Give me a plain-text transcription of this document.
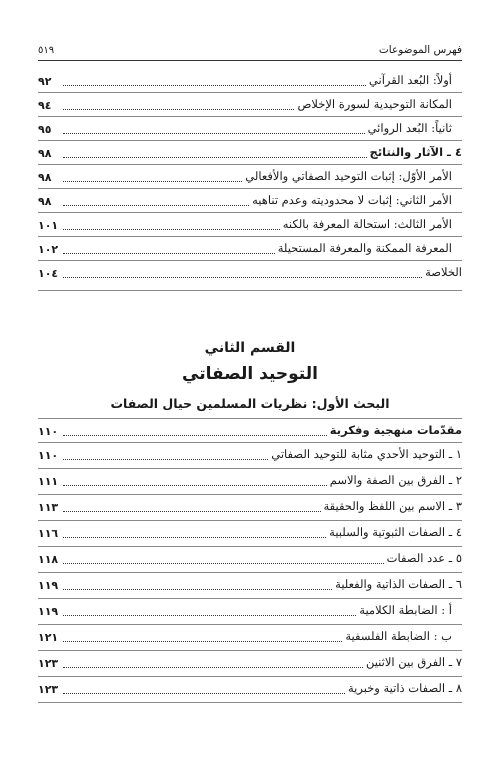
فهرس الموضوعات
٥١٩
أولاً: البُعد القرآني
٩٢
المكانة التوحيدية لسورة الإخلاص
٩٤
ثانياً: البُعد الروائي
٩٥
٤ ـ الآثار والنتائج
٩٨
الأمر الأوّل: إثبات التوحيد الصفاتي والأفعالي
٩٨
الأمر الثاني: إثبات لا محدوديته وعدم تناهيه
٩٨
الأمر الثالث: استحالة المعرفة بالكنه
١٠١
المعرفة الممكنة والمعرفة المستحيلة
١٠٢
الخلاصة
١٠٤
القسم الثاني
التوحيد الصفاتي
البحث الأول: نظريات المسلمين حيال الصفات
مقدّمات منهجية وفكرية
١١٠
١ ـ التوحيد الأحدي مثابة للتوحيد الصفاتي
١١٠
٢ ـ الفرق بين الصفة والاسم
١١١
٣ ـ الاسم بين اللفظ والحقيقة
١١٣
٤ ـ الصفات الثبوتية والسلبية
١١٦
٥ ـ عدد الصفات
١١٨
٦ ـ الصفات الذاتية والفعلية
١١٩
أ : الضابطة الكلامية
١١٩
ب : الضابطة الفلسفية
١٢١
٧ ـ الفرق بين الاثنين
١٢٣
٨ ـ الصفات ذاتية وخبرية
١٢٣
